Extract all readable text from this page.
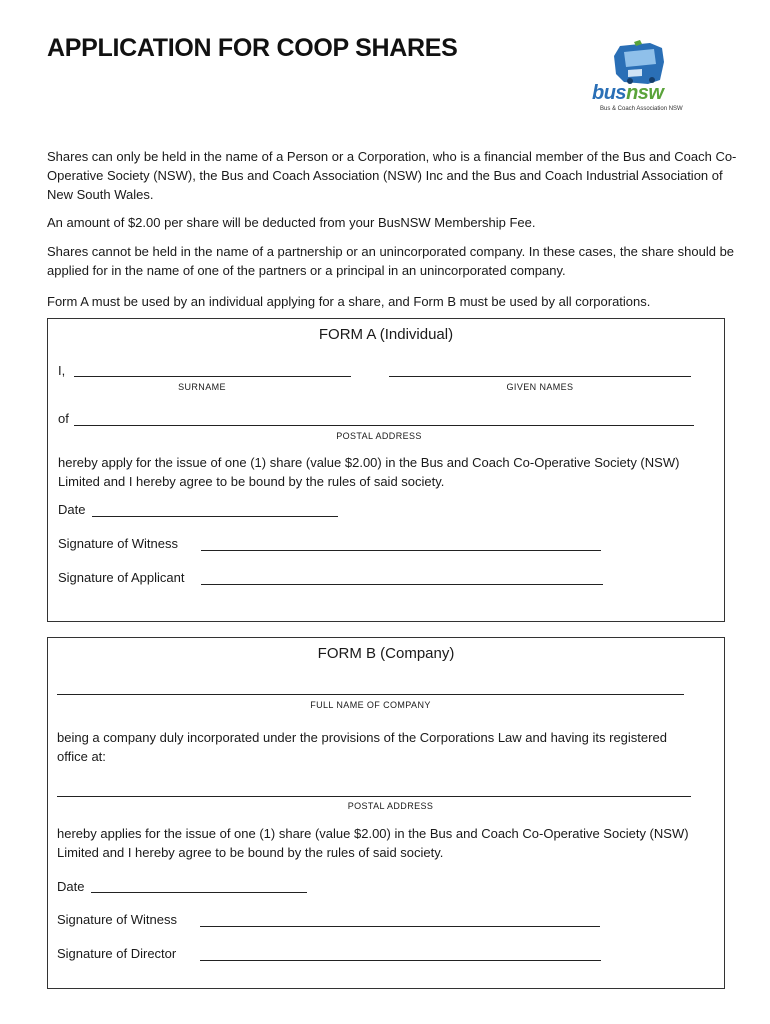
APPLICATION FOR COOP SHARES
busnsw
Bus & Coach Association NSW
Shares can only be held in the name of a Person or a Corporation, who is a financial member of the Bus and Coach Co-Operative Society (NSW), the Bus and Coach Association (NSW) Inc and the Bus and Coach Industrial Association of New South Wales.
An amount of $2.00 per share will be deducted from your BusNSW Membership Fee.
Shares cannot be held in the name of a partnership or an unincorporated company. In these cases, the share should be applied for in the name of one of the partners or a principal in an unincorporated company.
Form A must be used by an individual applying for a share, and Form B must be used by all corporations.
FORM A (Individual)
I,
SURNAME	GIVEN NAMES
of
POSTAL ADDRESS
hereby apply for the issue of one (1) share (value $2.00) in the Bus and Coach Co-Operative Society (NSW) Limited and I hereby agree to be bound by the rules of said society.
Date
Signature of Witness
Signature of Applicant
FORM B (Company)
FULL NAME OF COMPANY
being a company duly incorporated under the provisions of the Corporations Law and having its registered office at:
POSTAL ADDRESS
hereby applies for the issue of one (1) share (value $2.00) in the Bus and Coach Co-Operative Society (NSW) Limited and I hereby agree to be bound by the rules of said society.
Date
Signature of Witness
Signature of Director
